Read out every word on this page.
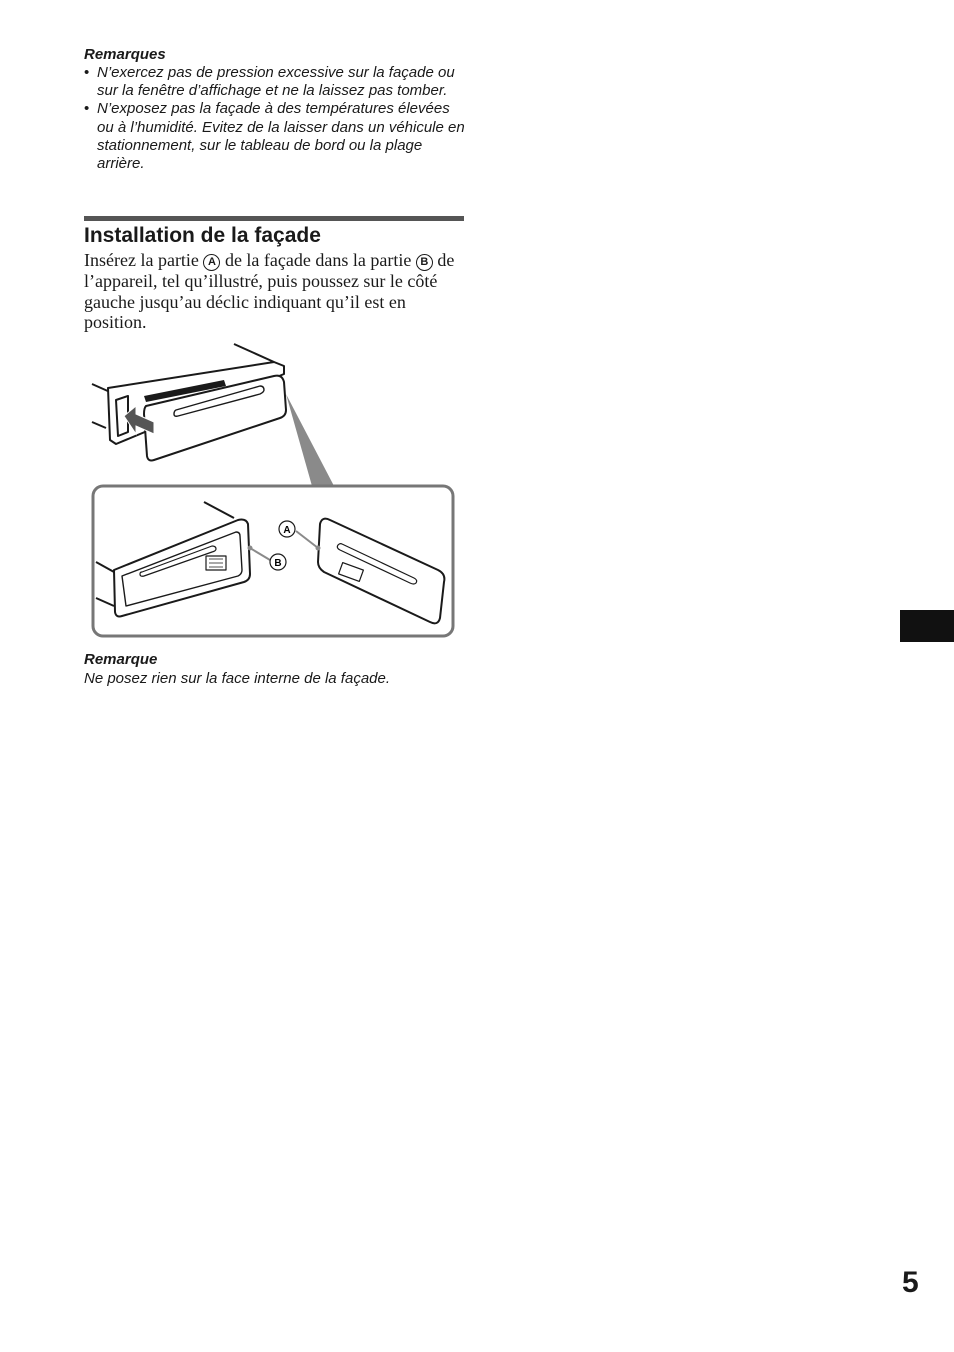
Remarques
• N’exercez pas de pression excessive sur la façade ou sur la fenêtre d’affichage et ne la laissez pas tomber.
• N’exposez pas la façade à des températures élevées ou à l’humidité. Evitez de la laisser dans un véhicule en stationnement, sur le tableau de bord ou la plage arrière.
Installation de la façade

Insérez la partie A de la façade dans la partie B de l’appareil, tel qu’illustré, puis poussez sur le côté gauche jusqu’au déclic indiquant qu’il est en position.

A
B
Remarque
Ne posez rien sur la face interne de la façade.
5
